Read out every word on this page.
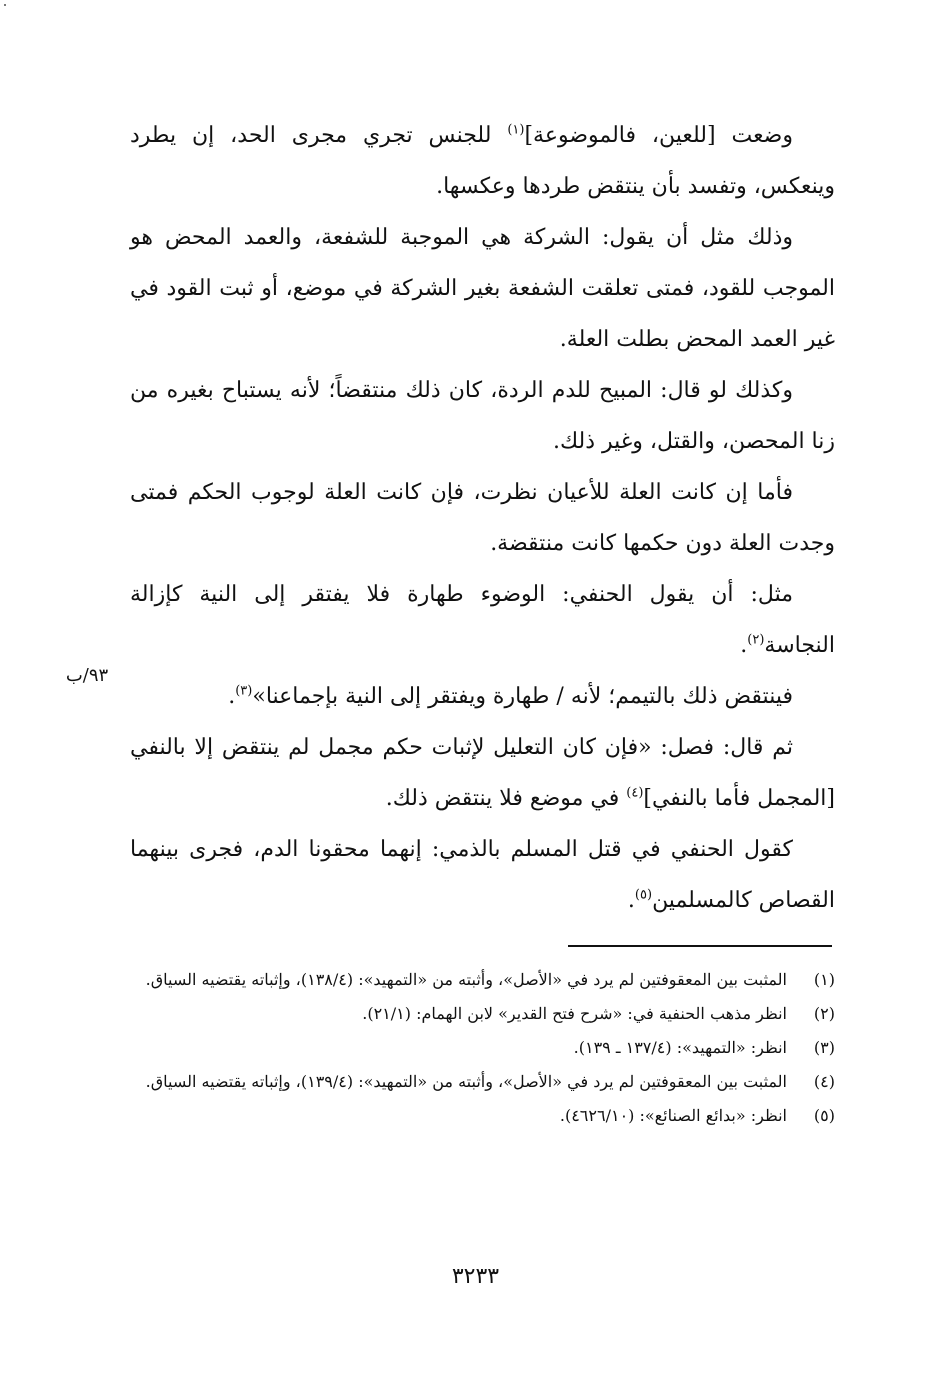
وضعت [للعين، فالموضوعة]$^{(١)}$ للجنس تجري مجرى الحد، إن يطرد وينعكس، وتفسد بأن ينتقض طردها وعكسها.

وذلك مثل أن يقول: الشركة هي الموجبة للشفعة، والعمد المحض هو الموجب للقود، فمتى تعلقت الشفعة بغير الشركة في موضع، أو ثبت القود في غير العمد المحض بطلت العلة.

وكذلك لو قال: المبيح للدم الردة، كان ذلك منتقضاً؛ لأنه يستباح بغيره من زنا المحصن، والقتل، وغير ذلك.

فأما إن كانت العلة للأعيان نظرت، فإن كانت العلة لوجوب الحكم فمتى وجدت العلة دون حكمها كانت منتقضة.

مثل: أن يقول الحنفي: الوضوء طهارة فلا يفتقر إلى النية كإزالة النجاسة$^{(٢)}$.

فينتقض ذلك بالتيمم؛ لأنه / طهارة ويفتقر إلى النية بإجماعنا»$^{(٣)}$.

ثم قال: فصل: «فإن كان التعليل لإثبات حكم مجمل لم ينتقض إلا بالنفي [المجمل فأما بالنفي]$^{(٤)}$ في موضع فلا ينتقض ذلك.

كقول الحنفي في قتل المسلم بالذمي: إنهما محقونا الدم، فجرى بينهما القصاص كالمسلمين$^{(٥)}$.

٩٣/ب
(١)
المثبت بين المعقوفتين لم يرد في «الأصل»، وأثبته من «التمهيد»: (١٣٨/٤)، وإثباته يقتضيه السياق.
(٢)
انظر مذهب الحنفية في: «شرح فتح القدير» لابن الهمام: (٢١/١).
(٣)
انظر: «التمهيد»: (١٣٧/٤ ـ ١٣٩).
(٤)
المثبت بين المعقوفتين لم يرد في «الأصل»، وأثبته من «التمهيد»: (١٣٩/٤)، وإثباته يقتضيه السياق.
(٥)
انظر: «بدائع الصنائع»: (٤٦٢٦/١٠).
٣٢٣٣
